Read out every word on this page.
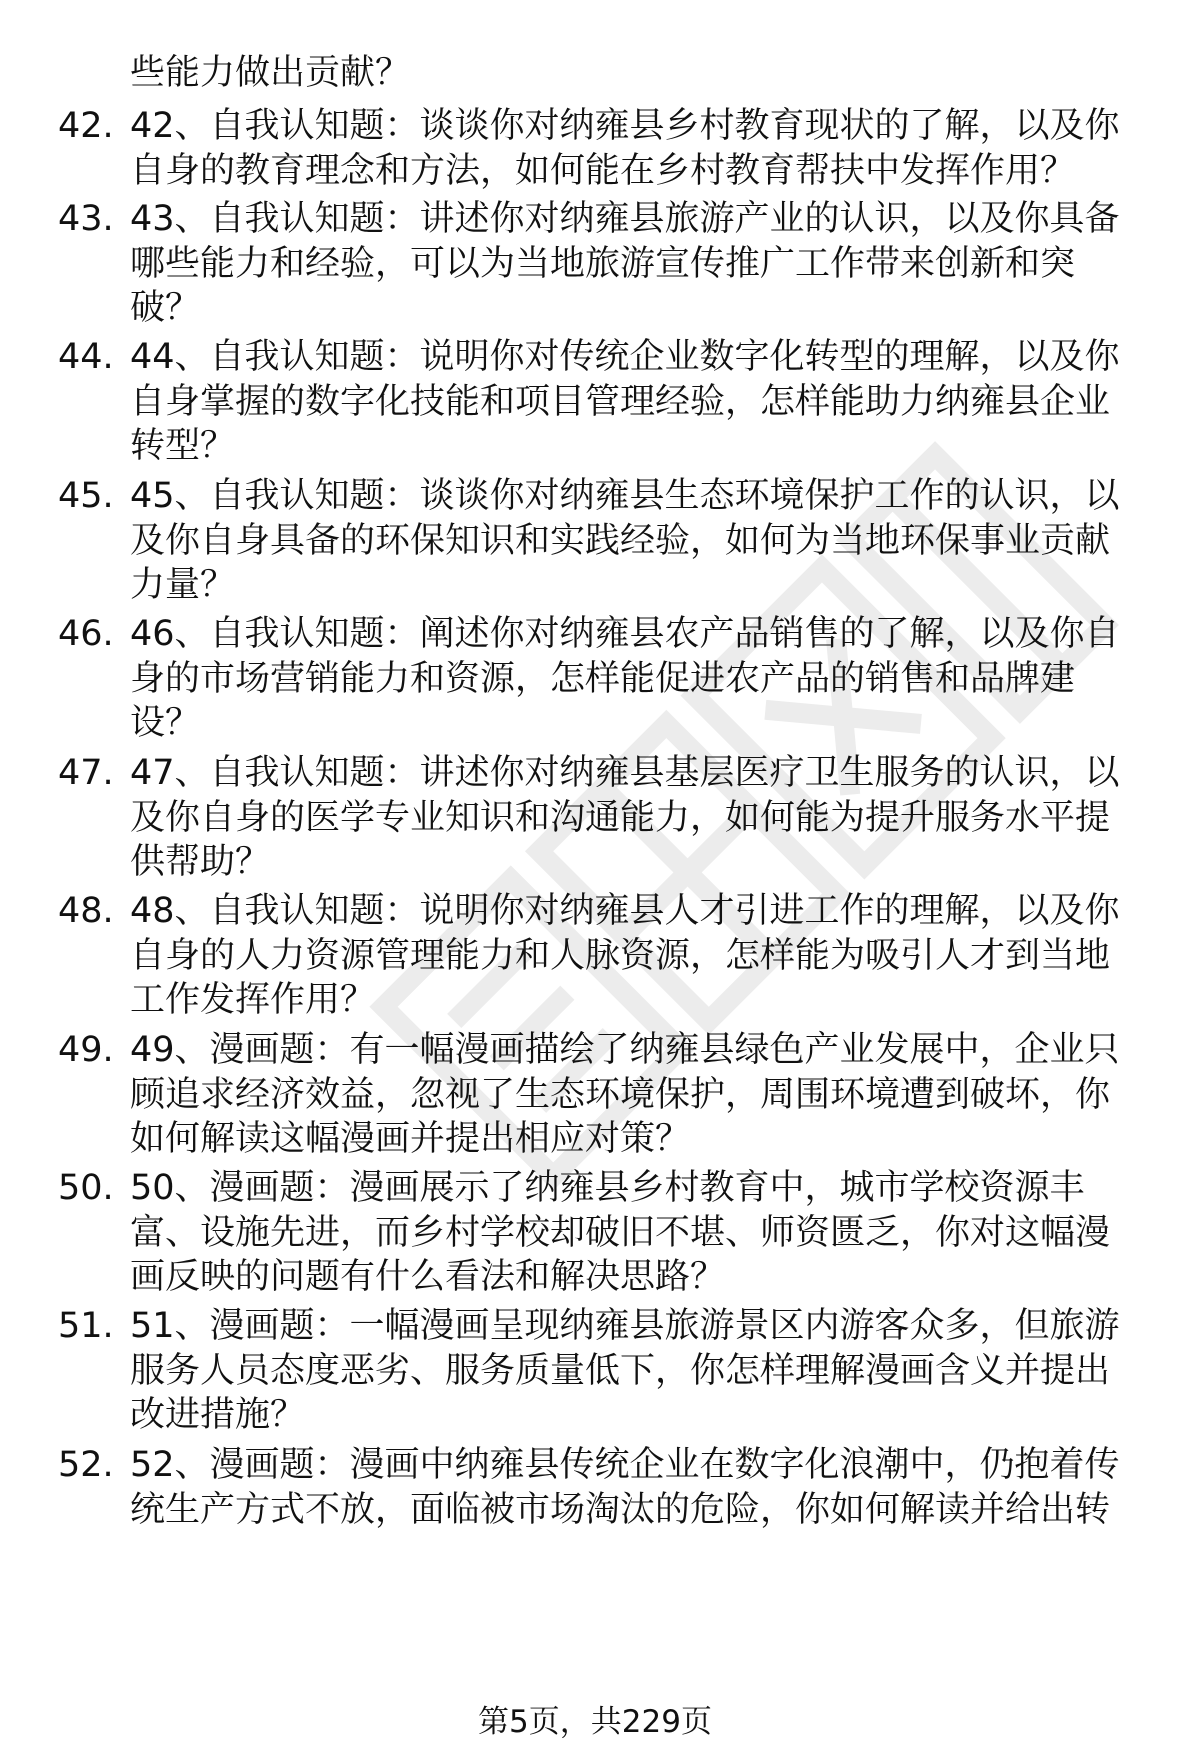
些能力做出贡献？
42. 42、自我认知题：谈谈你对纳雍县乡村教育现状的了解，以及你自身的教育理念和方法，如何能在乡村教育帮扶中发挥作用？
43. 43、自我认知题：讲述你对纳雍县旅游产业的认识，以及你具备哪些能力和经验，可以为当地旅游宣传推广工作带来创新和突破？
44. 44、自我认知题：说明你对传统企业数字化转型的理解，以及你自身掌握的数字化技能和项目管理经验，怎样能助力纳雍县企业转型？
45. 45、自我认知题：谈谈你对纳雍县生态环境保护工作的认识，以及你自身具备的环保知识和实践经验，如何为当地环保事业贡献力量？
46. 46、自我认知题：阐述你对纳雍县农产品销售的了解，以及你自身的市场营销能力和资源，怎样能促进农产品的销售和品牌建设？
47. 47、自我认知题：讲述你对纳雍县基层医疗卫生服务的认识，以及你自身的医学专业知识和沟通能力，如何能为提升服务水平提供帮助？
48. 48、自我认知题：说明你对纳雍县人才引进工作的理解，以及你自身的人力资源管理能力和人脉资源，怎样能为吸引人才到当地工作发挥作用？
49. 49、漫画题：有一幅漫画描绘了纳雍县绿色产业发展中，企业只顾追求经济效益，忽视了生态环境保护，周围环境遭到破坏，你如何解读这幅漫画并提出相应对策？
50. 50、漫画题：漫画展示了纳雍县乡村教育中，城市学校资源丰富、设施先进，而乡村学校却破旧不堪、师资匮乏，你对这幅漫画反映的问题有什么看法和解决思路？
51. 51、漫画题：一幅漫画呈现纳雍县旅游景区内游客众多，但旅游服务人员态度恶劣、服务质量低下，你怎样理解漫画含义并提出改进措施？
52. 52、漫画题：漫画中纳雍县传统企业在数字化浪潮中，仍抱着传统生产方式不放，面临被市场淘汰的危险，你如何解读并给出转
第5页，共229页
